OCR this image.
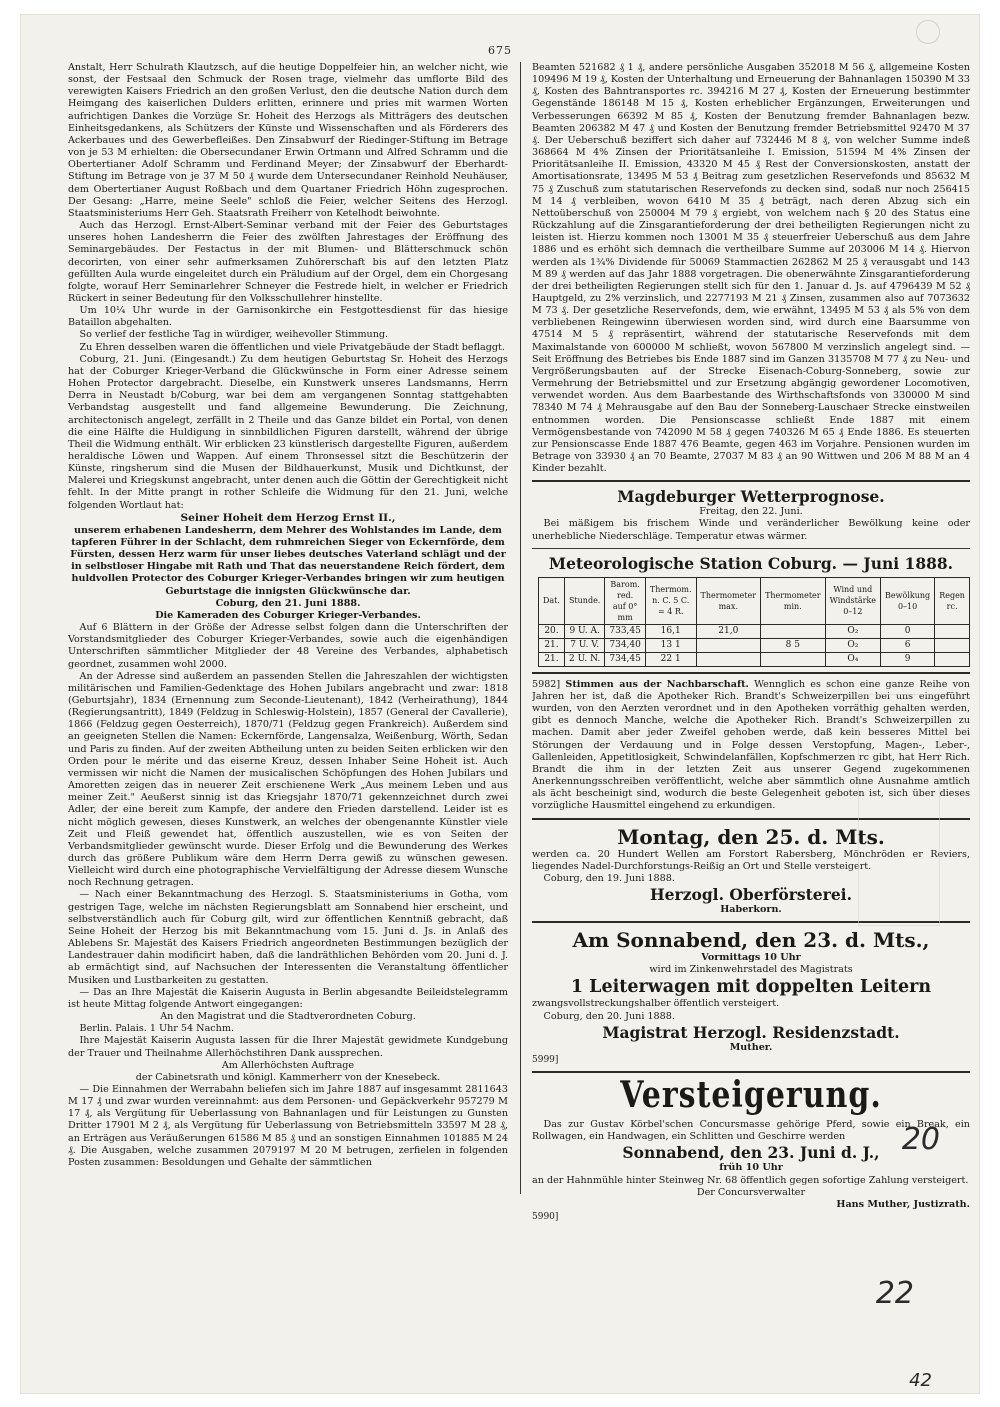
675

Anstalt, Herr Schulrath Klautzsch, auf die heutige Doppelfeier hin, an welcher nicht, wie sonst, der Festsaal den Schmuck der Rosen trage, vielmehr das umflorte Bild des verewigten Kaisers Friedrich an den großen Verlust, den die deutsche Nation durch dem Heimgang des kaiserlichen Dulders erlitten, erinnere und pries mit warmen Worten aufrichtigen Dankes die Vorzüge Sr. Hoheit des Herzogs als Mitträgers des deutschen Einheitsgedankens, als Schützers der Künste und Wissenschaften und als Förderers des Ackerbaues und des Gewerbefleißes. Den Zinsabwurf der Riedinger-Stiftung im Betrage von je 53 M erhielten: die Obersecundaner Erwin Ortmann und Alfred Schramm und die Obertertianer Adolf Schramm und Ferdinand Meyer; der Zinsabwurf der Eberhardt-Stiftung im Betrage von je 37 M 50 ₰ wurde dem Untersecundaner Reinhold Neuhäuser, dem Obertertianer August Roßbach und dem Quartaner Friedrich Höhn zugesprochen. Der Gesang: „Harre, meine Seele" schloß die Feier, welcher Seitens des Herzogl. Staatsministeriums Herr Geh. Staatsrath Freiherr von Ketelhodt beiwohnte.

Auch das Herzogl. Ernst-Albert-Seminar verband mit der Feier des Geburtstages unseres hohen Landesherrn die Feier des zwölften Jahrestages der Eröffnung des Seminargebäudes. Der Festactus in der mit Blumen- und Blätterschmuck schön decorirten, von einer sehr aufmerksamen Zuhörerschaft bis auf den letzten Platz gefüllten Aula wurde eingeleitet durch ein Präludium auf der Orgel, dem ein Chorgesang folgte, worauf Herr Seminarlehrer Schneyer die Festrede hielt, in welcher er Friedrich Rückert in seiner Bedeutung für den Volksschullehrer hinstellte.

Um 10¼ Uhr wurde in der Garnisonkirche ein Festgottesdienst für das hiesige Bataillon abgehalten.

So verlief der festliche Tag in würdiger, weihevoller Stimmung.

Zu Ehren desselben waren die öffentlichen und viele Privatgebäude der Stadt beflaggt.

Coburg, 21. Juni. (Eingesandt.) Zu dem heutigen Geburtstag Sr. Hoheit des Herzogs hat der Coburger Krieger-Verband die Glückwünsche in Form einer Adresse seinem Hohen Protector dargebracht. Dieselbe, ein Kunstwerk unseres Landsmanns, Herrn Derra in Neustadt b/Coburg, war bei dem am vergangenen Sonntag stattgehabten Verbandstag ausgestellt und fand allgemeine Bewunderung. Die Zeichnung, architectonisch angelegt, zerfällt in 2 Theile und das Ganze bildet ein Portal, von denen die eine Hälfte die Huldigung in sinnbildlichen Figuren darstellt, während der übrige Theil die Widmung enthält. Wir erblicken 23 künstlerisch dargestellte Figuren, außerdem heraldische Löwen und Wappen. Auf einem Thronsessel sitzt die Beschützerin der Künste, ringsherum sind die Musen der Bildhauerkunst, Musik und Dichtkunst, der Malerei und Kriegskunst angebracht, unter denen auch die Göttin der Gerechtigkeit nicht fehlt. In der Mitte prangt in rother Schleife die Widmung für den 21. Juni, welche folgenden Wortlaut hat:

Seiner Hoheit dem Herzog Ernst II.,

unserem erhabenen Landesherrn, dem Mehrer des Wohlstandes im Lande, dem tapferen Führer in der Schlacht, dem ruhmreichen Sieger von Eckernförde, dem Fürsten, dessen Herz warm für unser liebes deutsches Vaterland schlägt und der in selbstloser Hingabe mit Rath und That das neuerstandene Reich fördert, dem huldvollen Protector des Coburger Krieger-Verbandes bringen wir zum heutigen Geburtstage die innigsten Glückwünsche dar.

Coburg, den 21. Juni 1888.

Die Kameraden des Coburger Krieger-Verbandes.

Auf 6 Blättern in der Größe der Adresse selbst folgen dann die Unterschriften der Vorstandsmitglieder des Coburger Krieger-Verbandes, sowie auch die eigenhändigen Unterschriften sämmtlicher Mitglieder der 48 Vereine des Verbandes, alphabetisch geordnet, zusammen wohl 2000.

An der Adresse sind außerdem an passenden Stellen die Jahreszahlen der wichtigsten militärischen und Familien-Gedenktage des Hohen Jubilars angebracht und zwar: 1818 (Geburtsjahr), 1834 (Ernennung zum Seconde-Lieutenant), 1842 (Verheirathung), 1844 (Regierungsantritt), 1849 (Feldzug in Schleswig-Holstein), 1857 (General der Cavallerie), 1866 (Feldzug gegen Oesterreich), 1870/71 (Feldzug gegen Frankreich). Außerdem sind an geeigneten Stellen die Namen: Eckernförde, Langensalza, Weißenburg, Wörth, Sedan und Paris zu finden. Auf der zweiten Abtheilung unten zu beiden Seiten erblicken wir den Orden pour le mérite und das eiserne Kreuz, dessen Inhaber Seine Hoheit ist. Auch vermissen wir nicht die Namen der musicalischen Schöpfungen des Hohen Jubilars und Amoretten zeigen das in neuerer Zeit erschienene Werk „Aus meinem Leben und aus meiner Zeit." Aeußerst sinnig ist das Kriegsjahr 1870/71 gekennzeichnet durch zwei Adler, der eine bereit zum Kampfe, der andere den Frieden darstellend. Leider ist es nicht möglich gewesen, dieses Kunstwerk, an welches der obengenannte Künstler viele Zeit und Fleiß gewendet hat, öffentlich auszustellen, wie es von Seiten der Verbandsmitglieder gewünscht wurde. Dieser Erfolg und die Bewunderung des Werkes durch das größere Publikum wäre dem Herrn Derra gewiß zu wünschen gewesen. Vielleicht wird durch eine photographische Vervielfältigung der Adresse diesem Wunsche noch Rechnung getragen.

— Nach einer Bekanntmachung des Herzogl. S. Staatsministeriums in Gotha, vom gestrigen Tage, welche im nächsten Regierungsblatt am Sonnabend hier erscheint, und selbstverständlich auch für Coburg gilt, wird zur öffentlichen Kenntniß gebracht, daß Seine Hoheit der Herzog bis mit Bekanntmachung vom 15. Juni d. Js. in Anlaß des Ablebens Sr. Majestät des Kaisers Friedrich angeordneten Bestimmungen bezüglich der Landestrauer dahin modificirt haben, daß die landräthlichen Behörden vom 20. Juni d. J. ab ermächtigt sind, auf Nachsuchen der Interessenten die Veranstaltung öffentlicher Musiken und Lustbarkeiten zu gestatten.

— Das an Ihre Majestät die Kaiserin Augusta in Berlin abgesandte Beileidstelegramm ist heute Mittag folgende Antwort eingegangen:

An den Magistrat und die Stadtverordneten Coburg.

Berlin. Palais. 1 Uhr 54 Nachm.

Ihre Majestät Kaiserin Augusta lassen für die Ihrer Majestät gewidmete Kundgebung der Trauer und Theilnahme Allerhöchstihren Dank aussprechen.

Am Allerhöchsten Auftrage

der Cabinetsrath und königl. Kammerherr von der Knesebeck.

— Die Einnahmen der Werrabahn beliefen sich im Jahre 1887 auf insgesammt 2811643 M 17 ₰ und zwar wurden vereinnahmt: aus dem Personen- und Gepäckverkehr 957279 M 17 ₰, als Vergütung für Ueberlassung von Bahnanlagen und für Leistungen zu Gunsten Dritter 17901 M 2 ₰, als Vergütung für Ueberlassung von Betriebsmitteln 33597 M 28 ₰, an Erträgen aus Veräußerungen 61586 M 85 ₰ und an sonstigen Einnahmen 101885 M 24 ₰. Die Ausgaben, welche zusammen 2079197 M 20 M betrugen, zerfielen in folgenden Posten zusammen: Besoldungen und Gehalte der sämmtlichen

Beamten 521682 ₰ 1 ₰, andere persönliche Ausgaben 352018 M 56 ₰, allgemeine Kosten 109496 M 19 ₰, Kosten der Unterhaltung und Erneuerung der Bahnanlagen 150390 M 33 ₰, Kosten des Bahntransportes rc. 394216 M 27 ₰, Kosten der Erneuerung bestimmter Gegenstände 186148 M 15 ₰, Kosten erheblicher Ergänzungen, Erweiterungen und Verbesserungen 66392 M 85 ₰, Kosten der Benutzung fremder Bahnanlagen bezw. Beamten 206382 M 47 ₰ und Kosten der Benutzung fremder Betriebsmittel 92470 M 37 ₰. Der Ueberschuß beziffert sich daher auf 732446 M 8 ₰, von welcher Summe indeß 368664 M 4% Zinsen der Prioritätsanleihe I. Emission, 51594 M 4% Zinsen der Prioritätsanleihe II. Emission, 43320 M 45 ₰ Rest der Conversionskosten, anstatt der Amortisationsrate, 13495 M 53 ₰ Beitrag zum gesetzlichen Reservefonds und 85632 M 75 ₰ Zuschuß zum statutarischen Reservefonds zu decken sind, sodaß nur noch 256415 M 14 ₰ verbleiben, wovon 6410 M 35 ₰ beträgt, nach deren Abzug sich ein Nettoüberschuß von 250004 M 79 ₰ ergiebt, von welchem nach § 20 des Status eine Rückzahlung auf die Zinsgarantieforderung der drei betheiligten Regierungen nicht zu leisten ist. Hierzu kommen noch 13001 M 35 ₰ steuerfreier Ueberschuß aus dem Jahre 1886 und es erhöht sich demnach die vertheilbare Summe auf 203006 M 14 ₰. Hiervon werden als 1¾% Dividende für 50069 Stammactien 262862 M 25 ₰ verausgabt und 143 M 89 ₰ werden auf das Jahr 1888 vorgetragen. Die obenerwähnte Zinsgarantieforderung der drei betheiligten Regierungen stellt sich für den 1. Januar d. Js. auf 4796439 M 52 ₰ Hauptgeld, zu 2% verzinslich, und 2277193 M 21 ₰ Zinsen, zusammen also auf 7073632 M 73 ₰. Der gesetzliche Reservefonds, dem, wie erwähnt, 13495 M 53 ₰ als 5% von dem verbliebenen Reingewinn überwiesen worden sind, wird durch eine Baarsumme von 47514 M 5 ₰ repräsentirt, während der statutarische Reservefonds mit dem Maximalstande von 600000 M schließt, wovon 567800 M verzinslich angelegt sind. — Seit Eröffnung des Betriebes bis Ende 1887 sind im Ganzen 3135708 M 77 ₰ zu Neu- und Vergrößerungsbauten auf der Strecke Eisenach-Coburg-Sonneberg, sowie zur Vermehrung der Betriebsmittel und zur Ersetzung abgängig gewordener Locomotiven, verwendet worden. Aus dem Baarbestande des Wirthschaftsfonds von 330000 M sind 78340 M 74 ₰ Mehrausgabe auf den Bau der Sonneberg-Lauschaer Strecke einstweilen entnommen worden. Die Pensionscasse schließt Ende 1887 mit einem Vermögensbestande von 742090 M 58 ₰ gegen 740326 M 65 ₰ Ende 1886. Es steuerten zur Pensionscasse Ende 1887 476 Beamte, gegen 463 im Vorjahre. Pensionen wurden im Betrage von 33930 ₰ an 70 Beamte, 27037 M 83 ₰ an 90 Wittwen und 206 M 88 M an 4 Kinder bezahlt.

Magdeburger Wetterprognose.

Freitag, den 22. Juni.

Bei mäßigem bis frischem Winde und veränderlicher Bewölkung keine oder unerhebliche Niederschläge. Temperatur etwas wärmer.

Meteorologische Station Coburg. — Juni 1888.

Dat.	Stunde.	Barom. red. auf 0° mm	Thermom. n. C. 5 C. = 4 R.	Thermometer max.	Thermometer min.	Wind und Windstärke 0–12	Bewölkung 0–10	Regen rc.
20.	9 U. A.	733,45	16,1	21,0		O₂	0	
21.	7 U. V.	734,40	13 1		8 5	O₂	6	
21.	2 U. N.	734,45	22 1			O₄	9	

5982] Stimmen aus der Nachbarschaft. Wennglich es schon eine ganze Reihe von Jahren her ist, daß die Apotheker Rich. Brandt's Schweizerpillen bei uns eingeführt wurden, von den Aerzten verordnet und in den Apotheken vorräthig gehalten werden, gibt es dennoch Manche, welche die Apotheker Rich. Brandt's Schweizerpillen zu machen. Damit aber jeder Zweifel gehoben werde, daß kein besseres Mittel bei Störungen der Verdauung und in Folge dessen Verstopfung, Magen-, Leber-, Gallenleiden, Appetitlosigkeit, Schwindelanfällen, Kopfschmerzen rc gibt, hat Herr Rich. Brandt die ihm in der letzten Zeit aus unserer Gegend zugekommenen Anerkennungsschreiben veröffentlicht, welche aber sämmtlich ohne Ausnahme amtlich als ächt bescheinigt sind, wodurch die beste Gelegenheit geboten ist, sich über dieses vorzügliche Hausmittel eingehend zu erkundigen.

Montag, den 25. d. Mts.

werden ca. 20 Hundert Wellen am Forstort Rabersberg, Mönchröden er Reviers, liegendes Nadel-Durchforstungs-Reißig an Ort und Stelle versteigert.

Coburg, den 19. Juni 1888.

Herzogl. Oberförsterei.

Haberkorn.

Am Sonnabend, den 23. d. Mts.,

Vormittags 10 Uhr

wird im Zinkenwehrstadel des Magistrats

1 Leiterwagen mit doppelten Leitern

zwangsvollstreckungshalber öffentlich versteigert.

Coburg, den 20. Juni 1888.

Magistrat Herzogl. Residenzstadt.

Muther.

5999]

Versteigerung.

Das zur Gustav Körbel'schen Concursmasse gehörige Pferd, sowie ein Break, ein Rollwagen, ein Handwagen, ein Schlitten und Geschirre werden

Sonnabend, den 23. Juni d. J.,

früh 10 Uhr

an der Hahnmühle hinter Steinweg Nr. 68 öffentlich gegen sofortige Zahlung versteigert.

Der Concursverwalter

Hans Muther, Justizrath.

5990]

20
22
42
